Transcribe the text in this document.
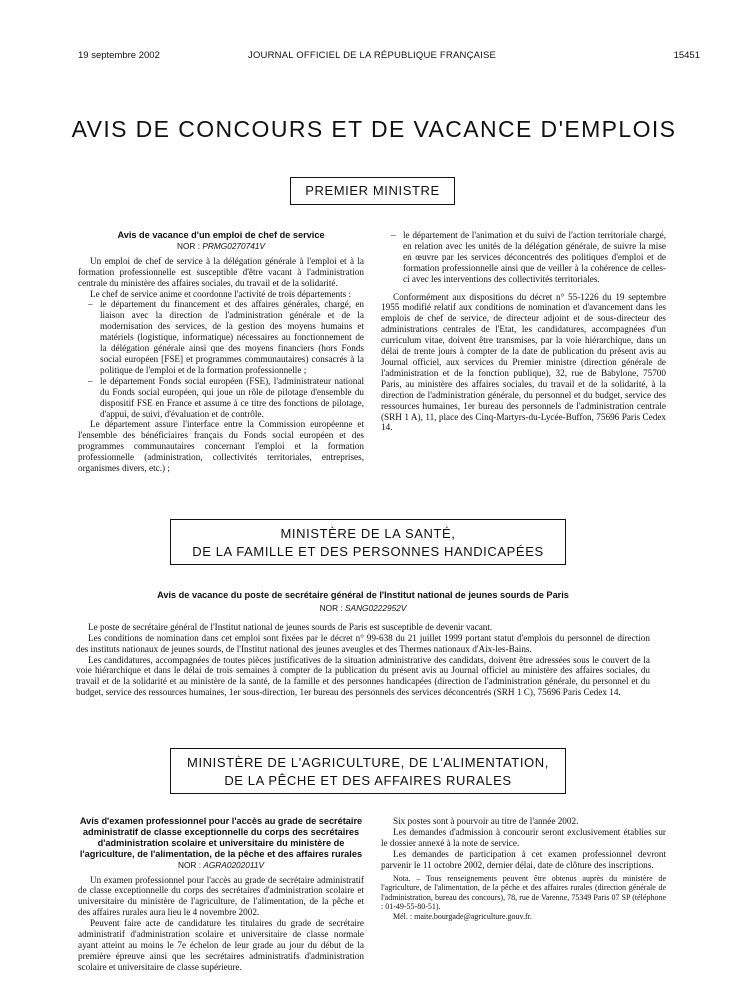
19 septembre 2002	JOURNAL OFFICIEL DE LA RÉPUBLIQUE FRANÇAISE	15451
AVIS DE CONCOURS ET DE VACANCE D'EMPLOIS
PREMIER MINISTRE

Avis de vacance d'un emploi de chef de service

NOR : PRMG0270741V

Un emploi de chef de service à la délégation générale à l'emploi et à la formation professionnelle est susceptible d'être vacant à l'administration centrale du ministère des affaires sociales, du travail et de la solidarité.

Le chef de service anime et coordonne l'activité de trois départements :

– le département du financement et des affaires générales, chargé, en liaison avec la direction de l'administration générale et de la modernisation des services, de la gestion des moyens humains et matériels (logistique, informatique) nécessaires au fonctionnement de la délégation générale ainsi que des moyens financiers (hors Fonds social européen [FSE] et programmes communautaires) consacrés à la politique de l'emploi et de la formation professionnelle ;
– le département Fonds social européen (FSE), l'administrateur national du Fonds social européen, qui joue un rôle de pilotage d'ensemble du dispositif FSE en France et assume à ce titre des fonctions de pilotage, d'appui, de suivi, d'évaluation et de contrôle.

Le département assure l'interface entre la Commission européenne et l'ensemble des bénéficiaires français du Fonds social européen et des programmes communautaires concernant l'emploi et la formation professionnelle (administration, collectivités territoriales, entreprises, organismes divers, etc.) ;

– le département de l'animation et du suivi de l'action territoriale chargé, en relation avec les unités de la délégation générale, de suivre la mise en œuvre par les services déconcentrés des politiques d'emploi et de formation professionnelle ainsi que de veiller à la cohérence de celles-ci avec les interventions des collectivités territoriales.

Conformément aux dispositions du décret n° 55-1226 du 19 septembre 1955 modifié relatif aux conditions de nomination et d'avancement dans les emplois de chef de service, de directeur adjoint et de sous-directeur des administrations centrales de l'Etat, les candidatures, accompagnées d'un curriculum vitae, doivent être transmises, par la voie hiérarchique, dans un délai de trente jours à compter de la date de publication du présent avis au Journal officiel, aux services du Premier ministre (direction générale de l'administration et de la fonction publique), 32, rue de Babylone, 75700 Paris, au ministère des affaires sociales, du travail et de la solidarité, à la direction de l'administration générale, du personnel et du budget, service des ressources humaines, 1er bureau des personnels de l'administration centrale (SRH 1 A), 11, place des Cinq-Martyrs-du-Lycée-Buffon, 75696 Paris Cedex 14.

MINISTÈRE DE LA SANTÉ,
DE LA FAMILLE ET DES PERSONNES HANDICAPÉES

Avis de vacance du poste de secrétaire général de l'Institut national de jeunes sourds de Paris

NOR : SANG0222952V

Le poste de secrétaire général de l'Institut national de jeunes sourds de Paris est susceptible de devenir vacant.

Les conditions de nomination dans cet emploi sont fixées par le décret n° 99-638 du 21 juillet 1999 portant statut d'emplois du personnel de direction des instituts nationaux de jeunes sourds, de l'Institut national des jeunes aveugles et des Thermes nationaux d'Aix-les-Bains.

Les candidatures, accompagnées de toutes pièces justificatives de la situation administrative des candidats, doivent être adressées sous le couvert de la voie hiérarchique et dans le délai de trois semaines à compter de la publication du présent avis au Journal officiel au ministère des affaires sociales, du travail et de la solidarité et au ministère de la santé, de la famille et des personnes handicapées (direction de l'administration générale, du personnel et du budget, service des ressources humaines, 1er sous-direction, 1er bureau des personnels des services déconcentrés (SRH 1 C), 75696 Paris Cedex 14.

MINISTÈRE DE L'AGRICULTURE, DE L'ALIMENTATION,
DE LA PÊCHE ET DES AFFAIRES RURALES

Avis d'examen professionnel pour l'accès au grade de secrétaire administratif de classe exceptionnelle du corps des secrétaires d'administration scolaire et universitaire du ministère de l'agriculture, de l'alimentation, de la pêche et des affaires rurales

NOR : AGRA0202011V

Un examen professionnel pour l'accès au grade de secrétaire administratif de classe exceptionnelle du corps des secrétaires d'administration scolaire et universitaire du ministère de l'agriculture, de l'alimentation, de la pêche et des affaires rurales aura lieu le 4 novembre 2002.

Peuvent faire acte de candidature les titulaires du grade de secrétaire administratif d'administration scolaire et universitaire de classe normale ayant atteint au moins le 7e échelon de leur grade au jour du début de la première épreuve ainsi que les secrétaires administratifs d'administration scolaire et universitaire de classe supérieure.

Six postes sont à pourvoir au titre de l'année 2002.

Les demandes d'admission à concourir seront exclusivement établies sur le dossier annexé à la note de service.

Les demandes de participation à cet examen professionnel devront parvenir le 11 octobre 2002, dernier délai, date de clôture des inscriptions.

Nota. – Tous renseignements peuvent être obtenus auprès du ministère de l'agriculture, de l'alimentation, de la pêche et des affaires rurales (direction générale de l'administration, bureau des concours), 78, rue de Varenne, 75349 Paris 07 SP (téléphone : 01-49-55-80-51).

Mél. : maite.bourgade@agriculture.gouv.fr.
